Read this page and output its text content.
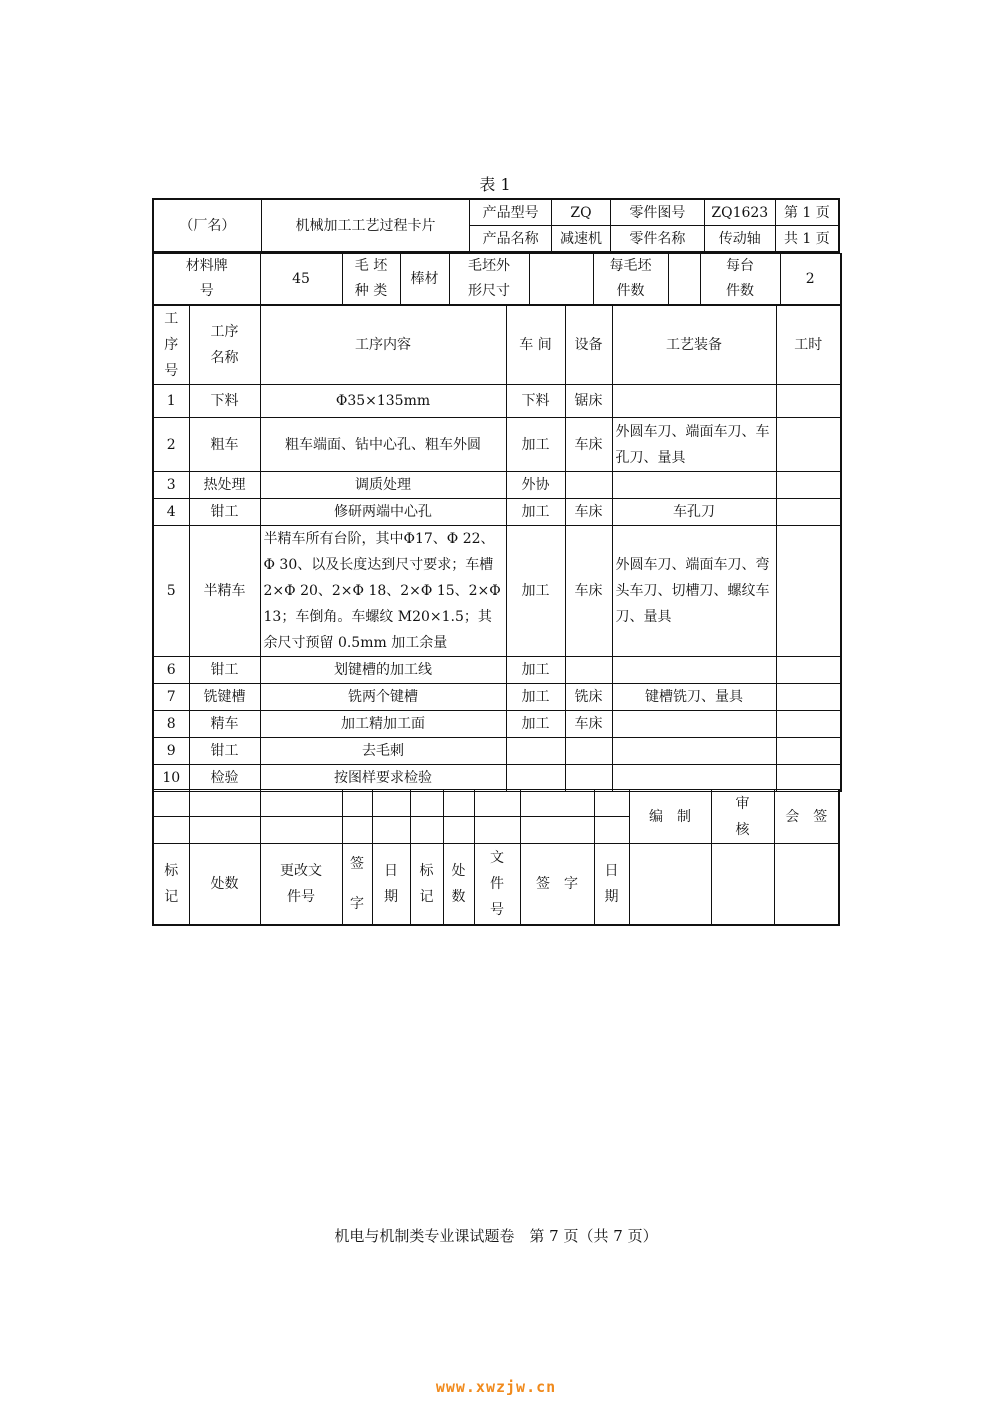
表 1
（厂名）	机械加工工艺过程卡片	产品型号	ZQ	零件图号	ZQ1623	第 1 页
		产品名称	减速机	零件名称	传动轴	共 1 页
材料牌号	45	毛 坯 种 类	棒材	毛坯外形尺寸		每毛坯件数		每台件数	2
工序号	工序名称	工序内容	车 间	设备	工艺装备	工时
1	下料	Φ35×135mm	下料	锯床		
2	粗车	粗车端面、钻中心孔、粗车外圆	加工	车床	外圆车刀、端面车刀、车孔刀、量具	
3	热处理	调质处理	外协			
4	钳工	修研两端中心孔	加工	车床	车孔刀	
5	半精车	半精车所有台阶，其中Φ17、Φ 22、Φ 30、以及长度达到尺寸要求；车槽 2×Φ 20、2×Φ 18、2×Φ 15、2×Φ 13；车倒角。车螺纹 M20×1.5；其余尺寸预留 0.5mm 加工余量	加工	车床	外圆车刀、端面车刀、弯头车刀、切槽刀、螺纹车刀、量具	
6	钳工	划键槽的加工线	加工			
7	铣键槽	铣两个键槽	加工	铣床	键槽铣刀、量具	
8	精车	加工精加工面	加工	车床		
9	钳工	去毛刺				
10	检验	按图样要求检验				
										编　制	审核	会　签

标记	处数	更改文件号	签字	日期	标记	处数	文件号	签　字	日期			
机电与机制类专业课试题卷　第 7 页（共 7 页）
www.xwzjw.cn
